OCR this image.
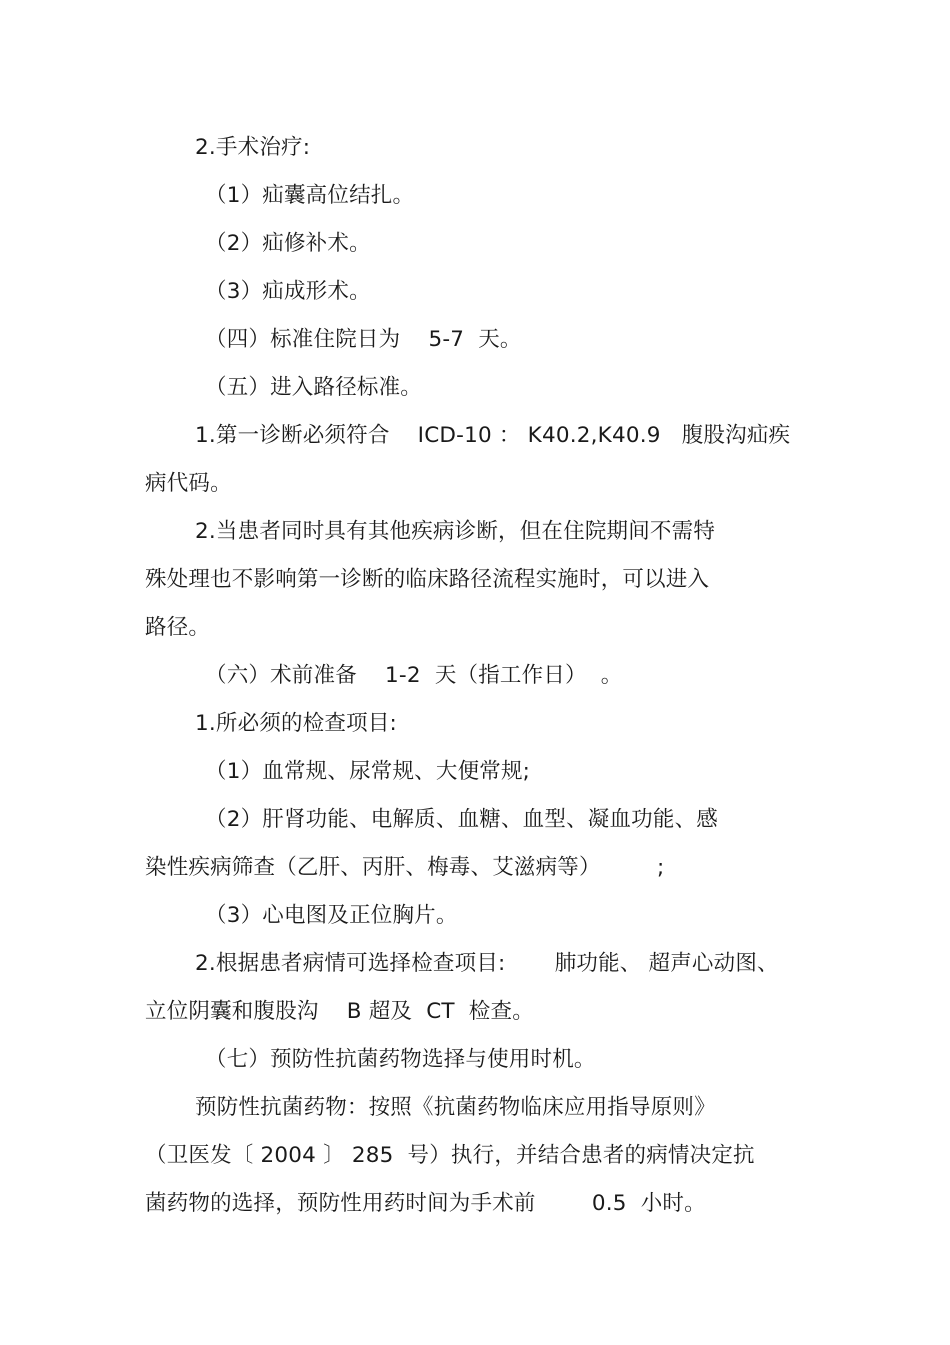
2.手术治疗:
（1）疝囊高位结扎。
（2）疝修补术。
（3）疝成形术。
（四）标准住院日为    5-7  天。
（五）进入路径标准。
1.第一诊断必须符合    ICD-10 ： K40.2,K40.9   腹股沟疝疾
病代码。
2.当患者同时具有其他疾病诊断，但在住院期间不需特
殊处理也不影响第一诊断的临床路径流程实施时，可以进入
路径。
（六）术前准备    1-2  天（指工作日）  。
1.所必须的检查项目:
（1）血常规、尿常规、大便常规;
（2）肝肾功能、电解质、血糖、血型、凝血功能、感
染性疾病筛查（乙肝、丙肝、梅毒、艾滋病等）        ;
（3）心电图及正位胸片。
2.根据患者病情可选择检查项目:       肺功能、 超声心动图、
立位阴囊和腹股沟    B 超及  CT  检查。
（七）预防性抗菌药物选择与使用时机。
预防性抗菌药物：按照《抗菌药物临床应用指导原则》
（卫医发〔 2004 〕 285  号）执行，并结合患者的病情决定抗
菌药物的选择，预防性用药时间为手术前        0.5  小时。
